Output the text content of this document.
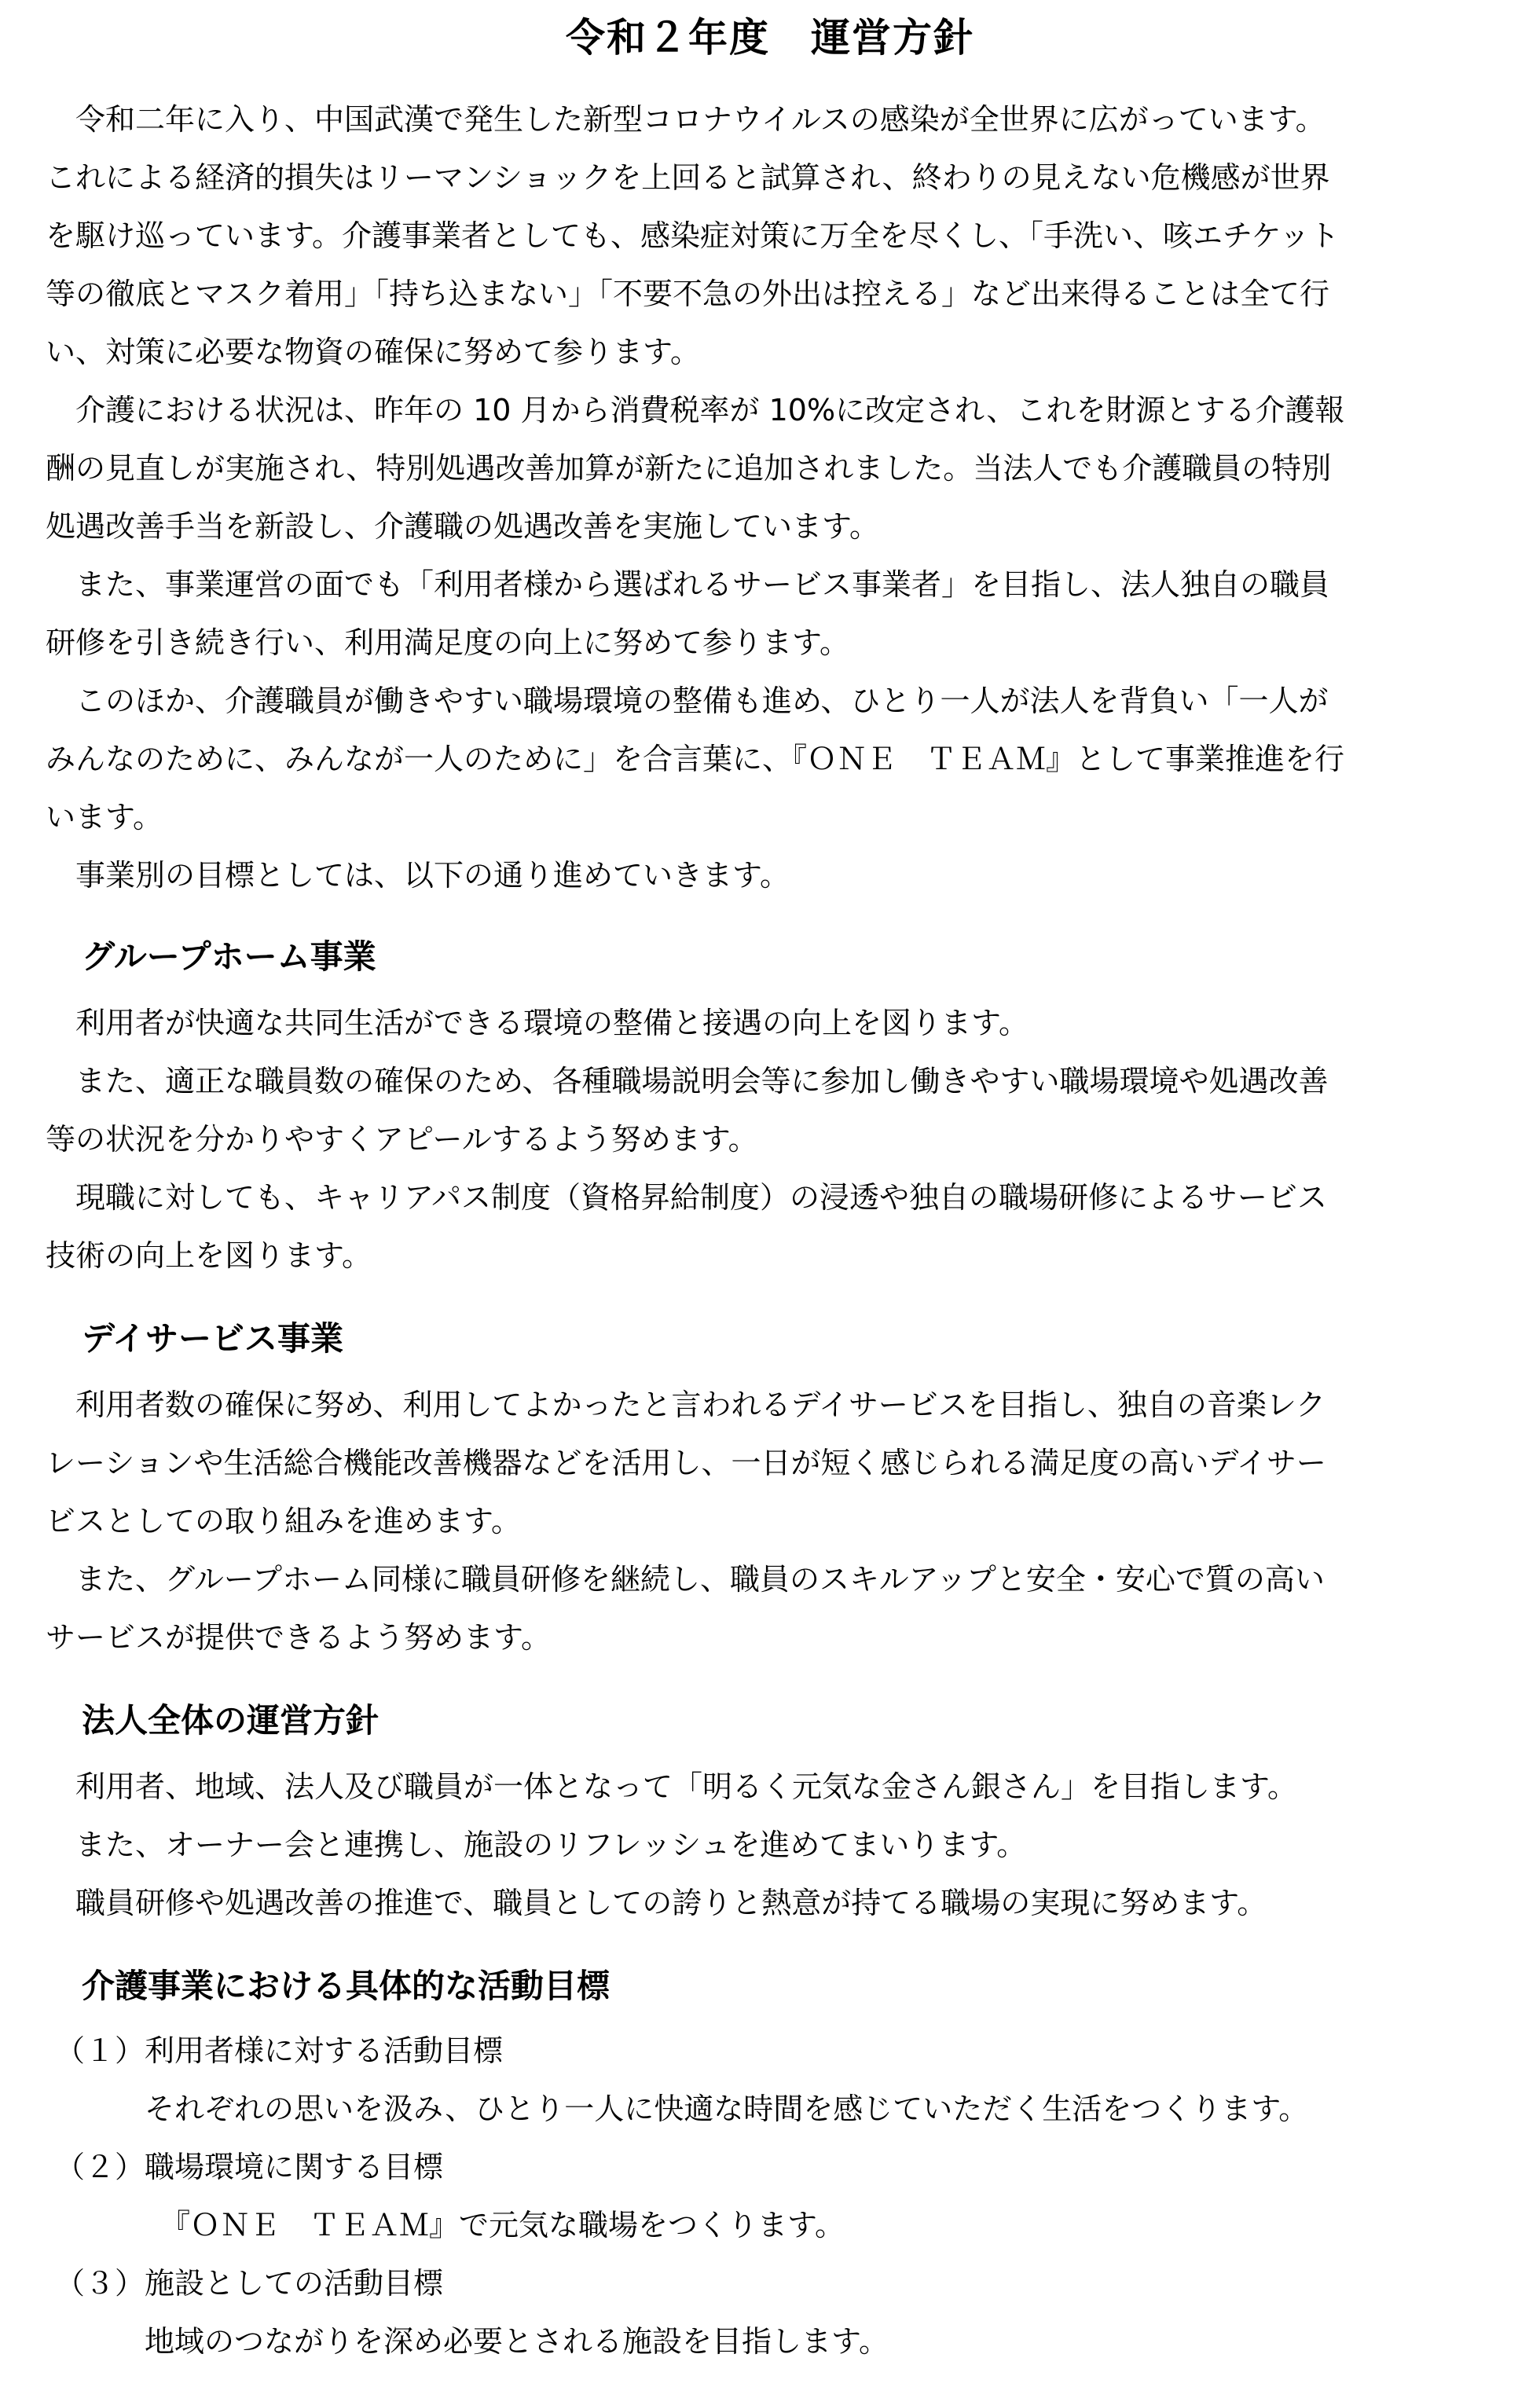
令和２年度　運営方針
令和二年に入り、中国武漢で発生した新型コロナウイルスの感染が全世界に広がっています。
これによる経済的損失はリーマンショックを上回ると試算され、終わりの見えない危機感が世界
を駆け巡っています。介護事業者としても、感染症対策に万全を尽くし、「手洗い、咳エチケット
等の徹底とマスク着用」「持ち込まない」「不要不急の外出は控える」など出来得ることは全て行
い、対策に必要な物資の確保に努めて参ります。
介護における状況は、昨年の 10 月から消費税率が 10%に改定され、これを財源とする介護報
酬の見直しが実施され、特別処遇改善加算が新たに追加されました。当法人でも介護職員の特別
処遇改善手当を新設し、介護職の処遇改善を実施しています。
また、事業運営の面でも「利用者様から選ばれるサービス事業者」を目指し、法人独自の職員
研修を引き続き行い、利用満足度の向上に努めて参ります。
このほか、介護職員が働きやすい職場環境の整備も進め、ひとり一人が法人を背負い「一人が
みんなのために、みんなが一人のために」を合言葉に、『ＯＮＥ　ＴＥＡＭ』として事業推進を行
います。
事業別の目標としては、以下の通り進めていきます。
グループホーム事業
利用者が快適な共同生活ができる環境の整備と接遇の向上を図ります。
また、適正な職員数の確保のため、各種職場説明会等に参加し働きやすい職場環境や処遇改善
等の状況を分かりやすくアピールするよう努めます。
現職に対しても、キャリアパス制度（資格昇給制度）の浸透や独自の職場研修によるサービス
技術の向上を図ります。
デイサービス事業
利用者数の確保に努め、利用してよかったと言われるデイサービスを目指し、独自の音楽レク
レーションや生活総合機能改善機器などを活用し、一日が短く感じられる満足度の高いデイサー
ビスとしての取り組みを進めます。
また、グループホーム同様に職員研修を継続し、職員のスキルアップと安全・安心で質の高い
サービスが提供できるよう努めます。
法人全体の運営方針
利用者、地域、法人及び職員が一体となって「明るく元気な金さん銀さん」を目指します。
また、オーナー会と連携し、施設のリフレッシュを進めてまいります。
職員研修や処遇改善の推進で、職員としての誇りと熱意が持てる職場の実現に努めます。
介護事業における具体的な活動目標
（１）利用者様に対する活動目標
それぞれの思いを汲み、ひとり一人に快適な時間を感じていただく生活をつくります。
（２）職場環境に関する目標
『ＯＮＥ　ＴＥＡＭ』で元気な職場をつくります。
（３）施設としての活動目標
地域のつながりを深め必要とされる施設を目指します。
